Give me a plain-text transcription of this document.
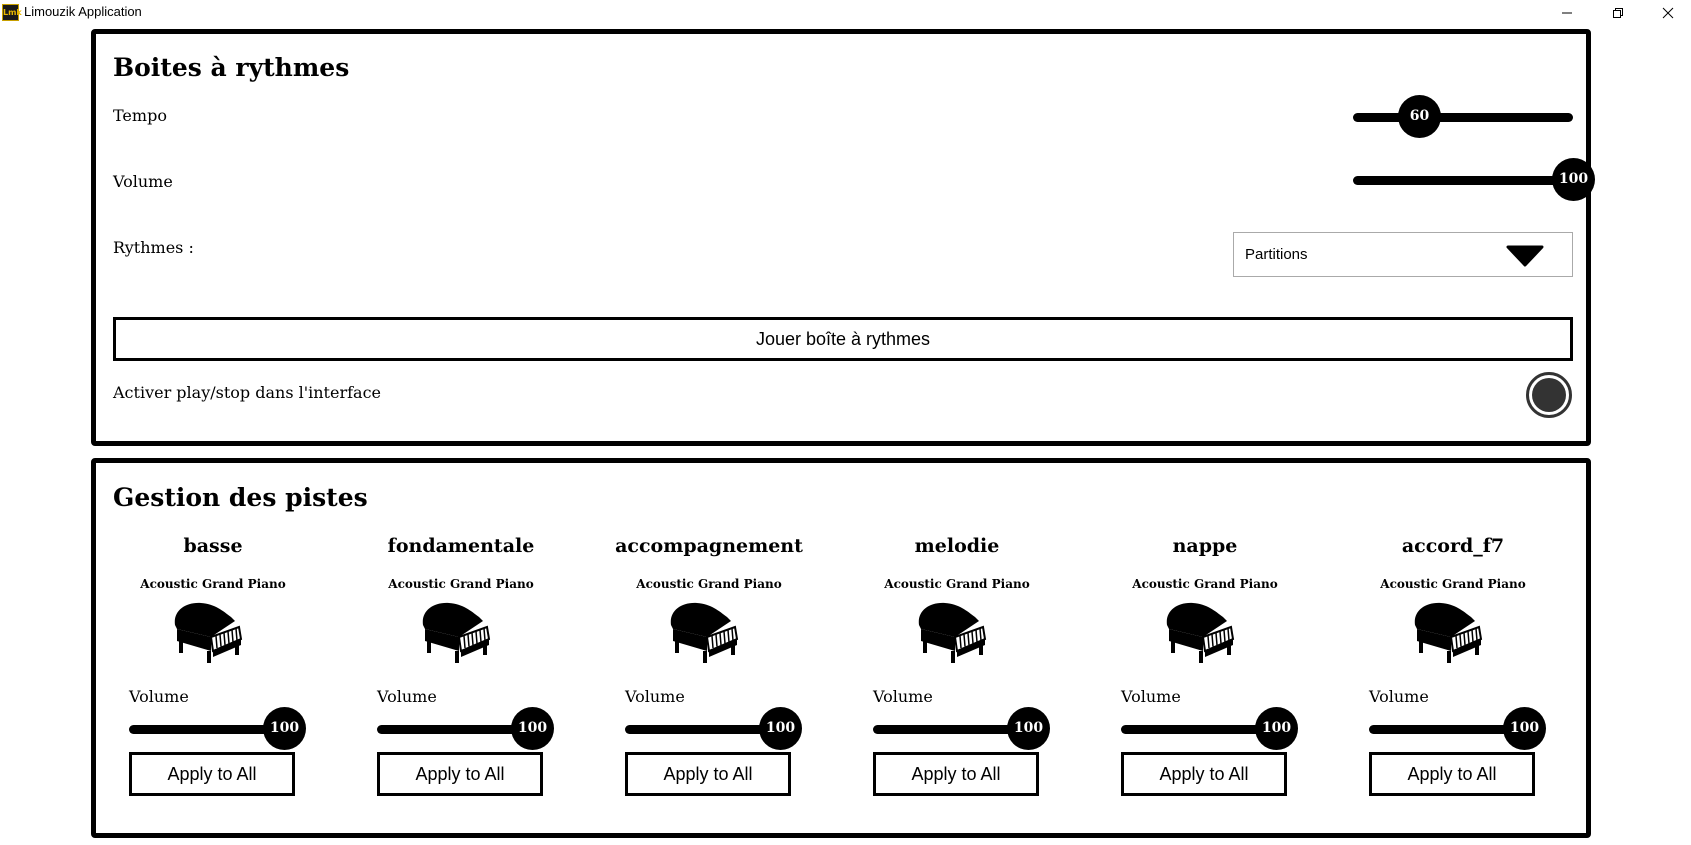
Lmk Limouzik Application
Boites à rythmes
Tempo	60
Volume	100
Rythmes :	Partitions
Jouer boîte à rythmes
Activer play/stop dans l'interface
Gestion des pistes
basse
Acoustic Grand Piano
Volume
100
Apply to All
fondamentale
Acoustic Grand Piano
Volume
100
Apply to All
accompagnement
Acoustic Grand Piano
Volume
100
Apply to All
melodie
Acoustic Grand Piano
Volume
100
Apply to All
nappe
Acoustic Grand Piano
Volume
100
Apply to All
accord_f7
Acoustic Grand Piano
Volume
100
Apply to All
